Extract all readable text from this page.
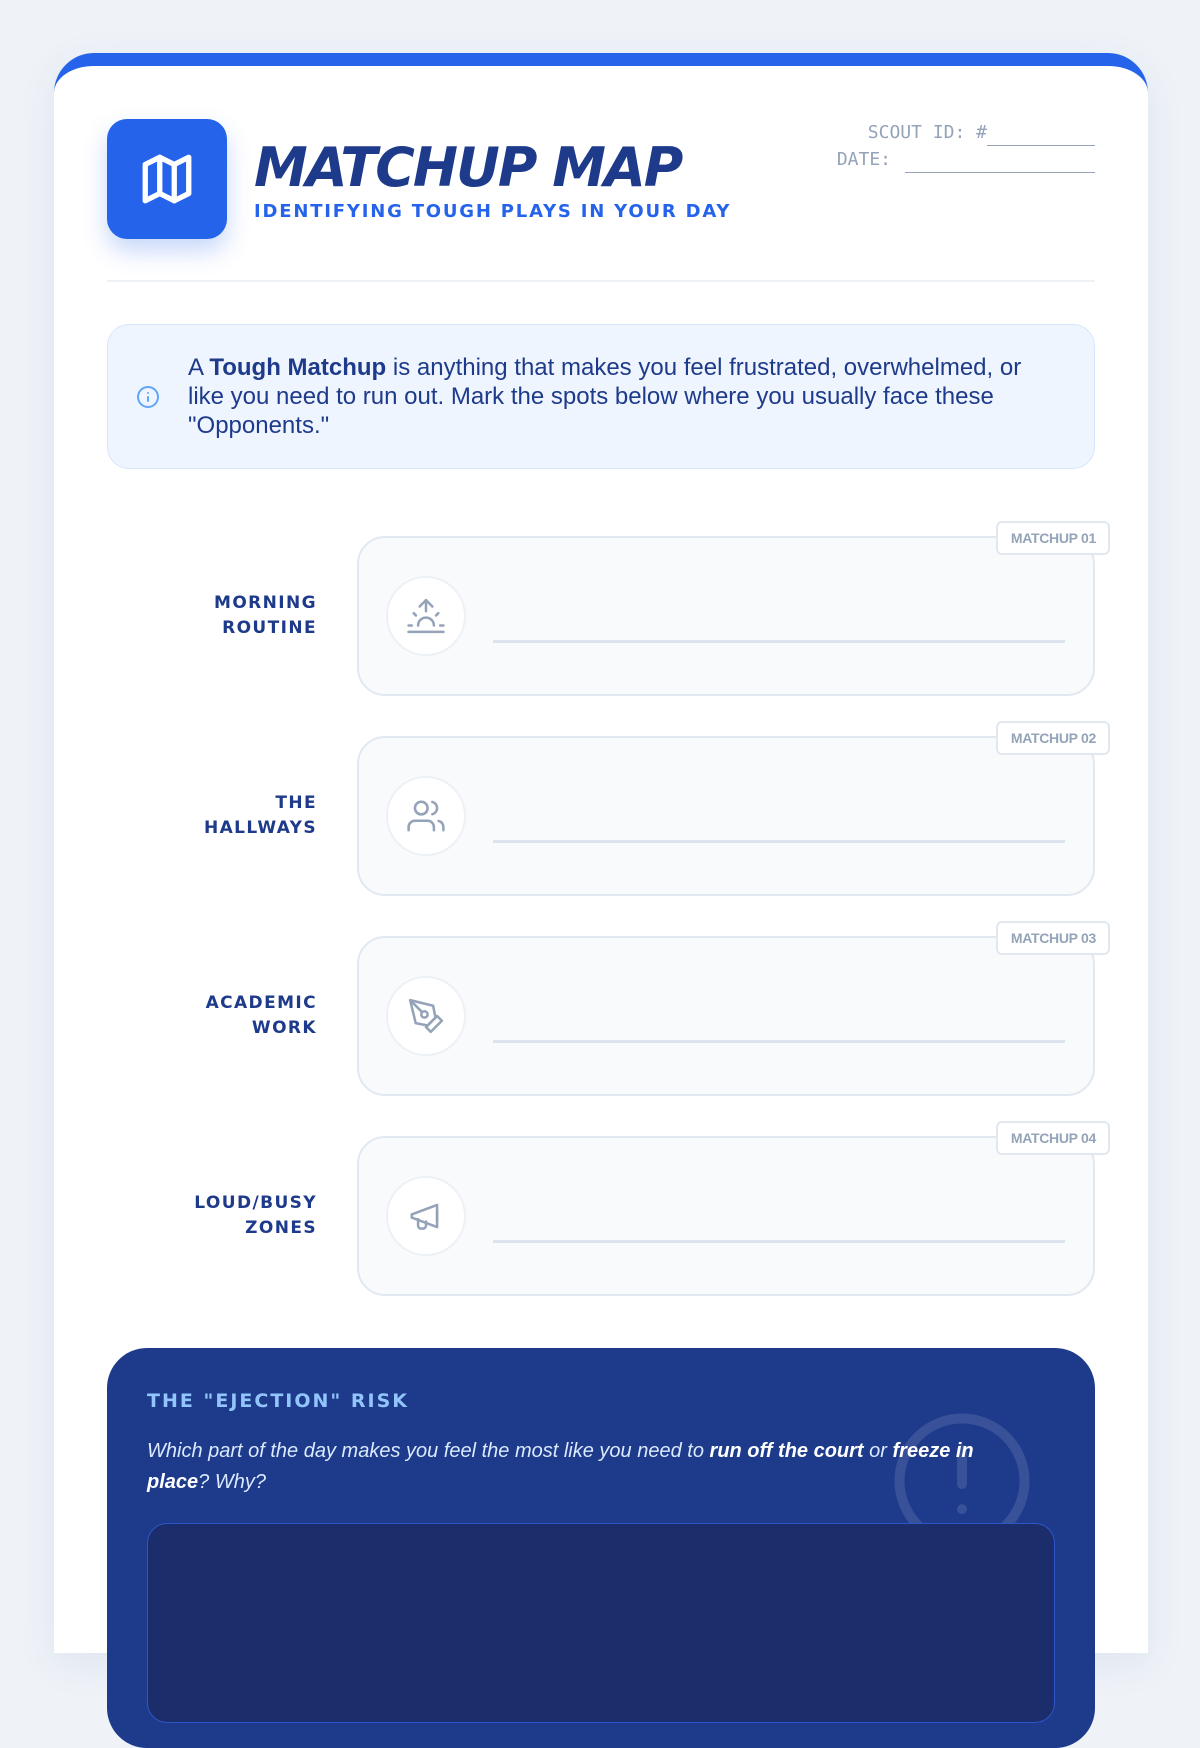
MATCHUP MAP
IDENTIFYING TOUGH PLAYS IN YOUR DAY
SCOUT ID: #
DATE:

A Tough Matchup is anything that makes you feel frustrated, overwhelmed, or like you need to run out. Mark the spots below where you usually face these "Opponents."

MORNING
ROUTINE
MATCHUP 01
THE
HALLWAYS
MATCHUP 02
ACADEMIC
WORK
MATCHUP 03
LOUD/BUSY
ZONES
MATCHUP 04
THE "EJECTION" RISK

Which part of the day makes you feel the most like you need to run off the court or freeze in place? Why?
